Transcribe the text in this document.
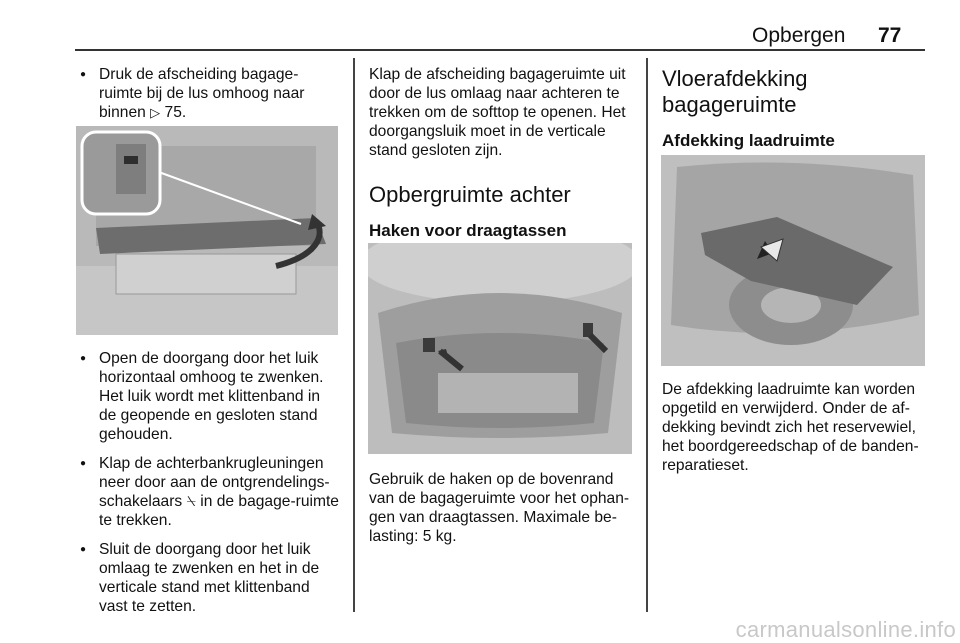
Opbergen 77
● Druk de afscheiding bagage-ruimte bij de lus omhoog naar binnen ▷ 75.
● Open de doorgang door het luik horizontaal omhoog te zwenken. Het luik wordt met klittenband in de geopende en gesloten stand gehouden.
● Klap de achterbankrugleuningen neer door aan de ontgrendelings-schakelaars ⍀ in de bagage-ruimte te trekken.
● Sluit de doorgang door het luik omlaag te zwenken en het in de verticale stand met klittenband vast te zetten.

Klap de afscheiding bagageruimte uit door de lus omlaag naar achteren te trekken om de softtop te openen. Het doorgangsluik moet in de verticale stand gesloten zijn.

Opbergruimte achter

Haken voor draagtassen

Gebruik de haken op de bovenrand van de bagageruimte voor het ophan-gen van draagtassen. Maximale be-lasting: 5 kg.

Vloerafdekking bagageruimte

Afdekking laadruimte

De afdekking laadruimte kan worden opgetild en verwijderd. Onder de af-dekking bevindt zich het reservewiel, het boordgereedschap of de banden-reparatieset.

carmanualsonline.info
